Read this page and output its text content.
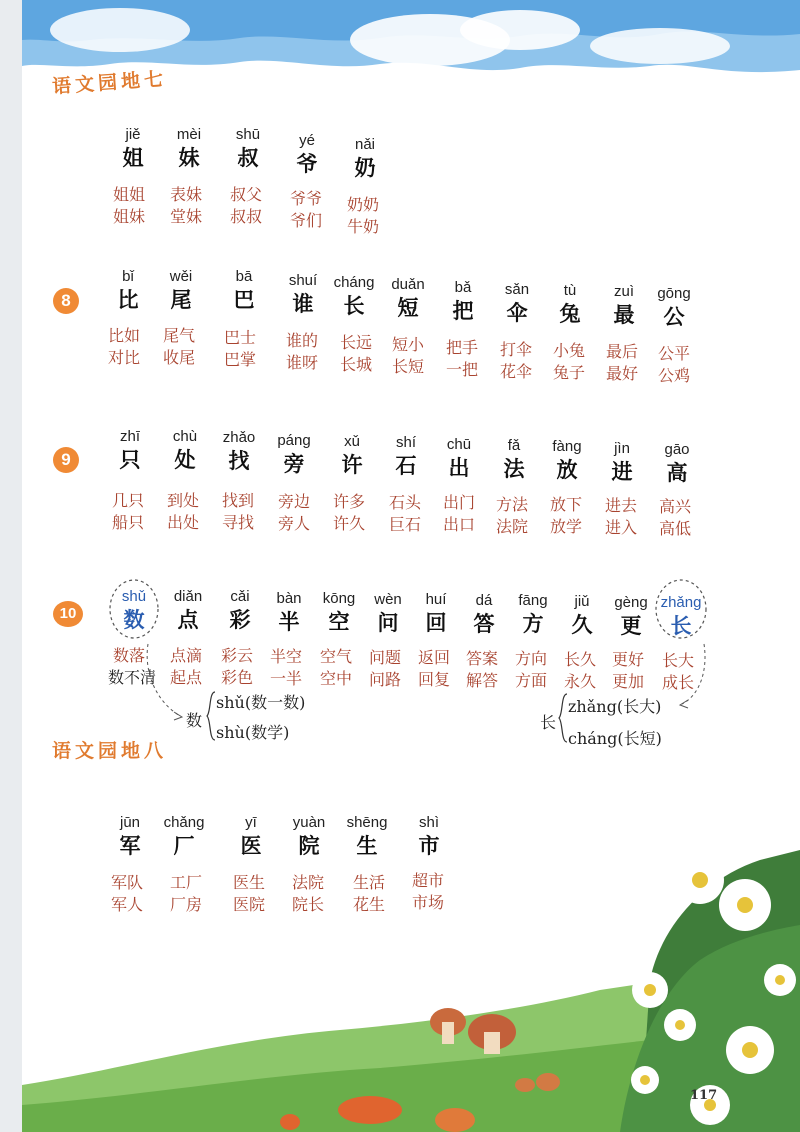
语文园地七
语文园地八
8
9
10
jiě
姐
mèi
妹
shū
叔
yé
爷
nǎi
奶
姐姐
姐妹
表妹
堂妹
叔父
叔叔
爷爷
爷们
奶奶
牛奶
bǐ
比
wěi
尾
bā
巴
shuí
谁
cháng
长
duǎn
短
bǎ
把
sǎn
伞
tù
兔
zuì
最
gōng
公
比如
对比
尾气
收尾
巴士
巴掌
谁的
谁呀
长远
长城
短小
长短
把手
一把
打伞
花伞
小兔
兔子
最后
最好
公平
公鸡
zhī
只
chù
处
zhǎo
找
páng
旁
xǔ
许
shí
石
chū
出
fǎ
法
fàng
放
jìn
进
gāo
高
几只
船只
到处
出处
找到
寻找
旁边
旁人
许多
许久
石头
巨石
出门
出口
方法
法院
放下
放学
进去
进入
高兴
高低
shǔ
数
diǎn
点
cǎi
彩
bàn
半
kōng
空
wèn
问
huí
回
dá
答
fāng
方
jiǔ
久
gèng
更
zhǎng
长
数落
数不清
点滴
起点
彩云
彩色
半空
一半
空气
空中
问题
问路
返回
回复
答案
解答
方向
方面
长久
永久
更好
更加
长大
成长
数
shǔ(数一数)
shù(数学)
长
zhǎng(长大)
cháng(长短)
jūn
军
chǎng
厂
yī
医
yuàn
院
shēng
生
shì
市
军队
军人
工厂
厂房
医生
医院
法院
院长
生活
花生
超市
市场
117
